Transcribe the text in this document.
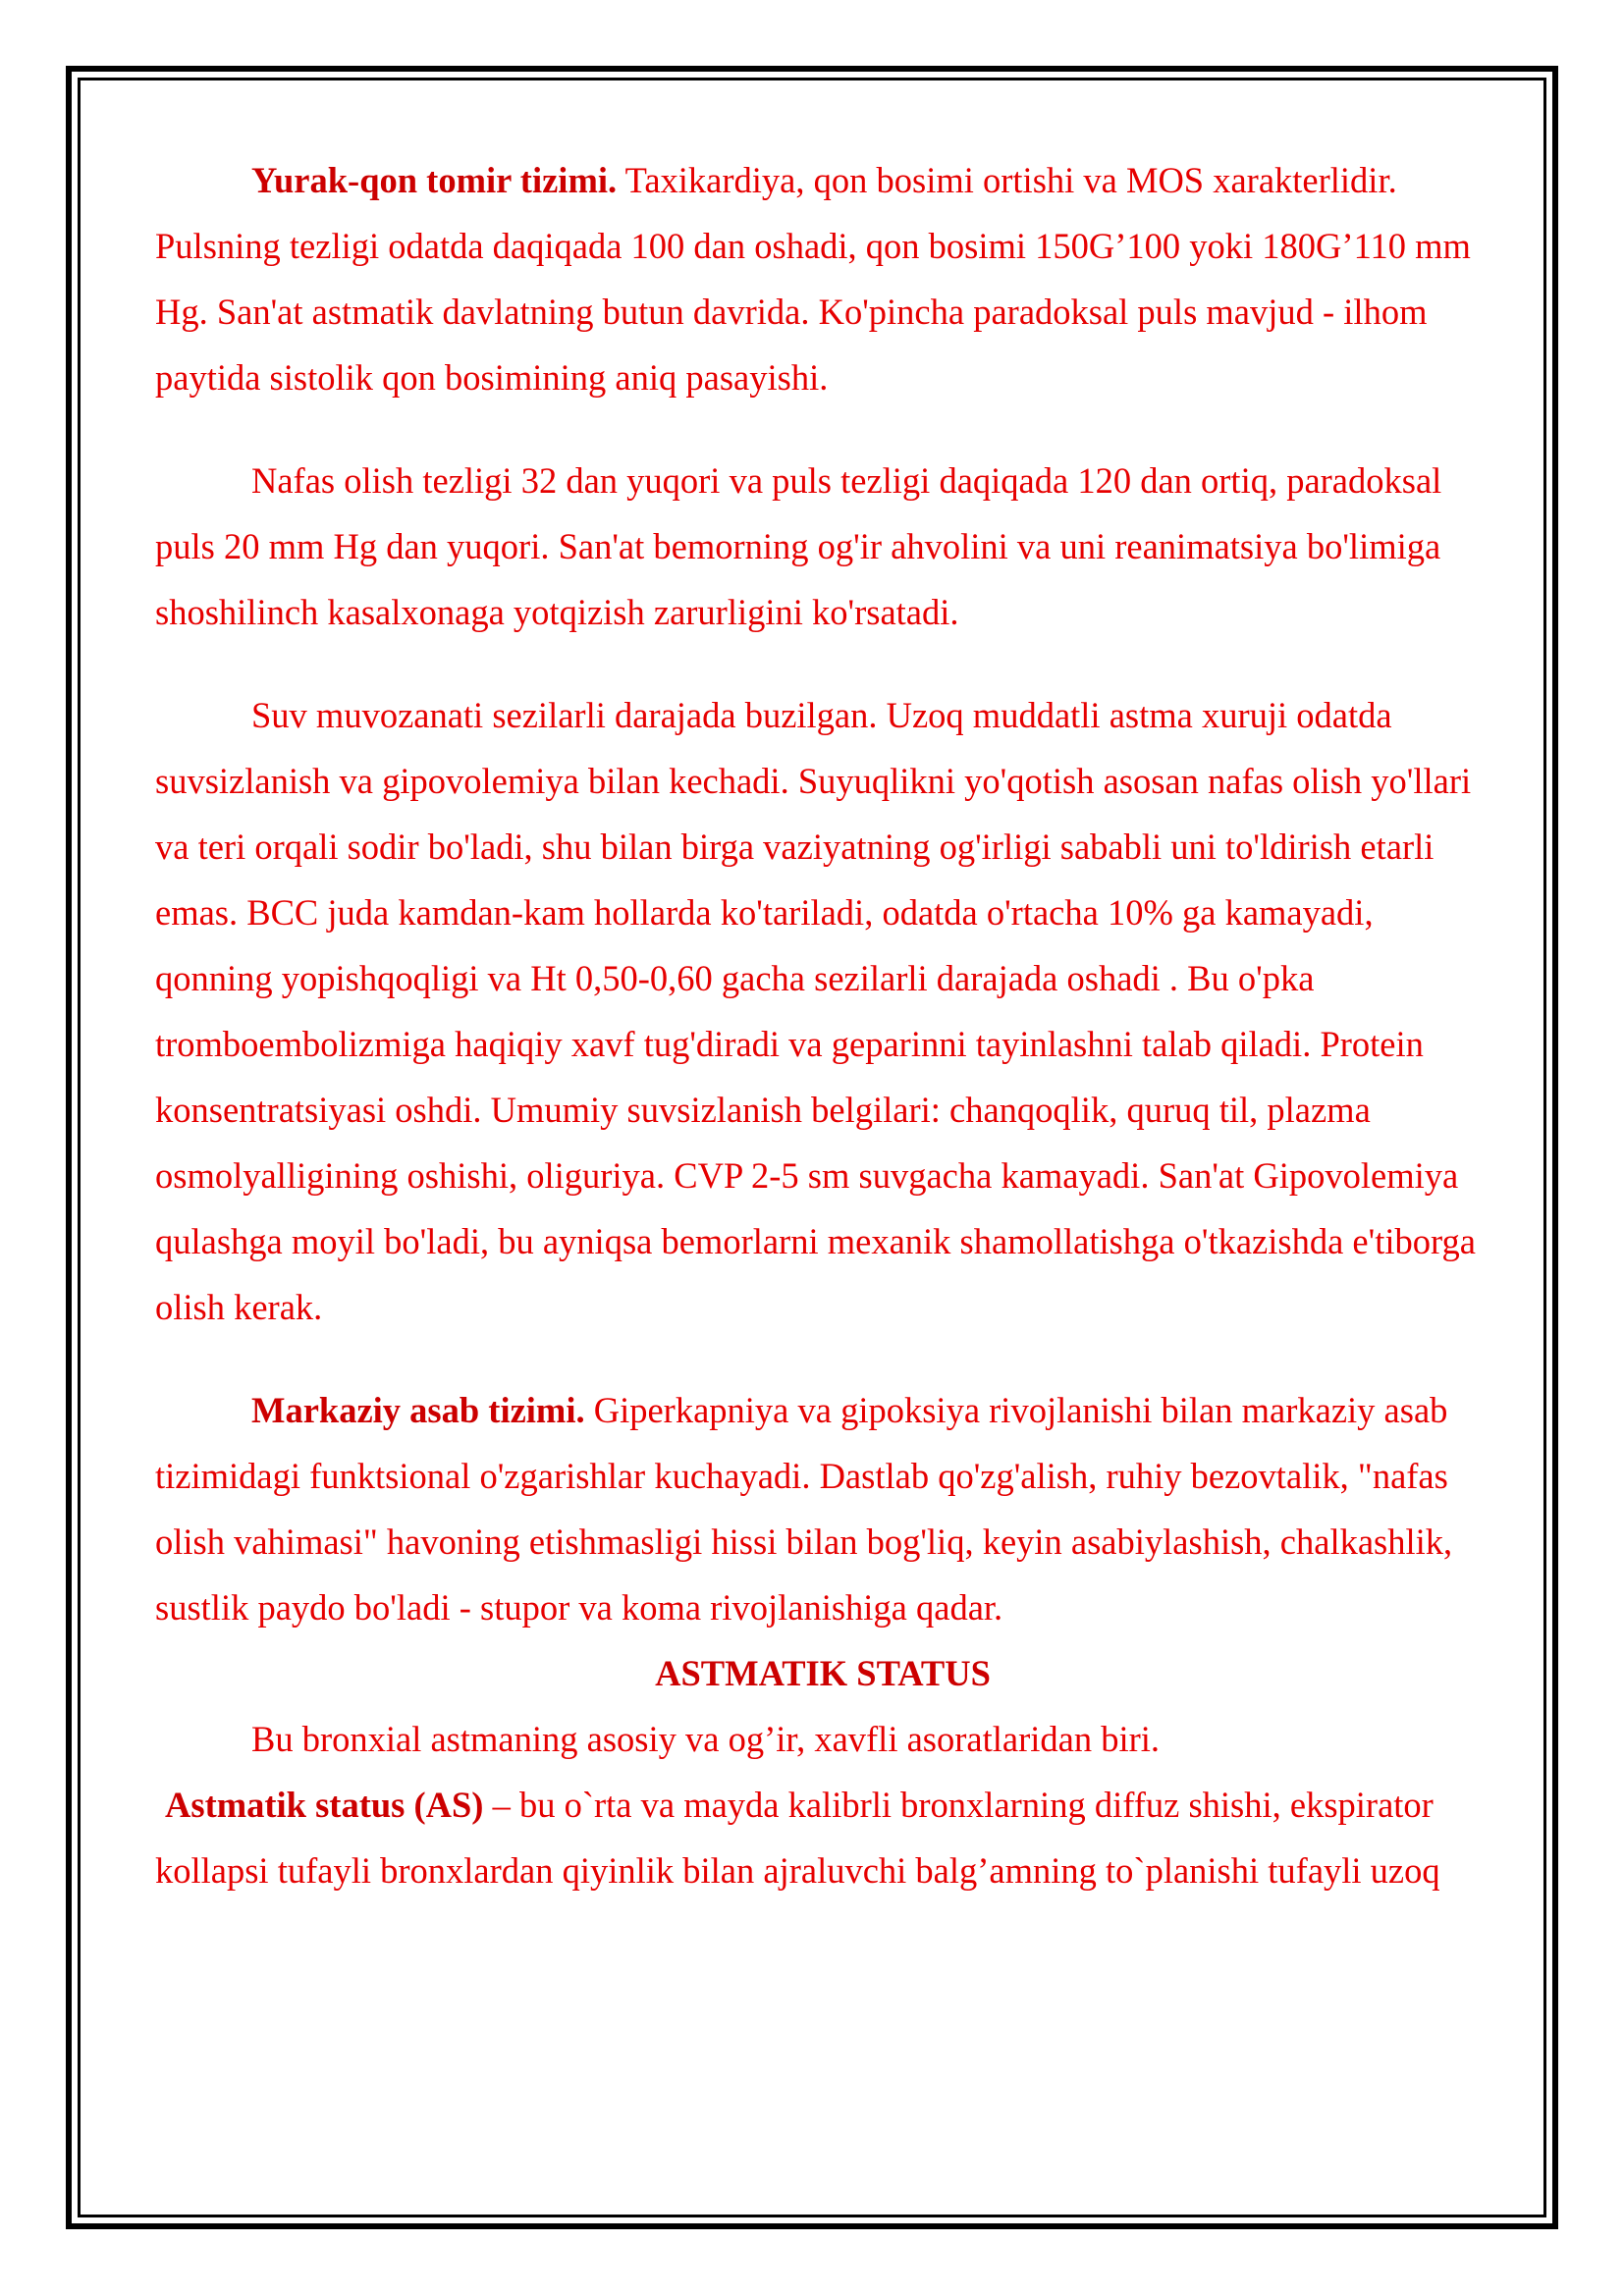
Yurak-qon tomir tizimi. Taxikardiya, qon bosimi ortishi va MOS xarakterlidir. Pulsning tezligi odatda daqiqada 100 dan oshadi, qon bosimi 150G’100 yoki 180G’110 mm Hg. San'at astmatik davlatning butun davrida. Ko'pincha paradoksal puls mavjud - ilhom paytida sistolik qon bosimining aniq pasayishi.

Nafas olish tezligi 32 dan yuqori va puls tezligi daqiqada 120 dan ortiq, paradoksal puls 20 mm Hg dan yuqori. San'at bemorning og'ir ahvolini va uni reanimatsiya bo'limiga shoshilinch kasalxonaga yotqizish zarurligini ko'rsatadi.

Suv muvozanati sezilarli darajada buzilgan. Uzoq muddatli astma xuruji odatda suvsizlanish va gipovolemiya bilan kechadi. Suyuqlikni yo'qotish asosan nafas olish yo'llari va teri orqali sodir bo'ladi, shu bilan birga vaziyatning og'irligi sababli uni to'ldirish etarli emas. BCC juda kamdan-kam hollarda ko'tariladi, odatda o'rtacha 10% ga kamayadi, qonning yopishqoqligi va Ht 0,50-0,60 gacha sezilarli darajada oshadi . Bu o'pka tromboembolizmiga haqiqiy xavf tug'diradi va geparinni tayinlashni talab qiladi. Protein konsentratsiyasi oshdi. Umumiy suvsizlanish belgilari: chanqoqlik, quruq til, plazma osmolyalligining oshishi, oliguriya. CVP 2-5 sm suvgacha kamayadi. San'at Gipovolemiya qulashga moyil bo'ladi, bu ayniqsa bemorlarni mexanik shamollatishga o'tkazishda e'tiborga olish kerak.

Markaziy asab tizimi. Giperkapniya va gipoksiya rivojlanishi bilan markaziy asab tizimidagi funktsional o'zgarishlar kuchayadi. Dastlab qo'zg'alish, ruhiy bezovtalik, "nafas olish vahimasi" havoning etishmasligi hissi bilan bog'liq, keyin asabiylashish, chalkashlik, sustlik paydo bo'ladi - stupor va koma rivojlanishiga qadar.

ASTMATIK STATUS

Bu bronxial astmaning asosiy va og’ir, xavfli asoratlaridan biri.

Astmatik status (AS) – bu o`rta va mayda kalibrli bronxlarning diffuz shishi, ekspirator

kollapsi tufayli bronxlardan qiyinlik bilan ajraluvchi balg’amning to`planishi tufayli uzoq
